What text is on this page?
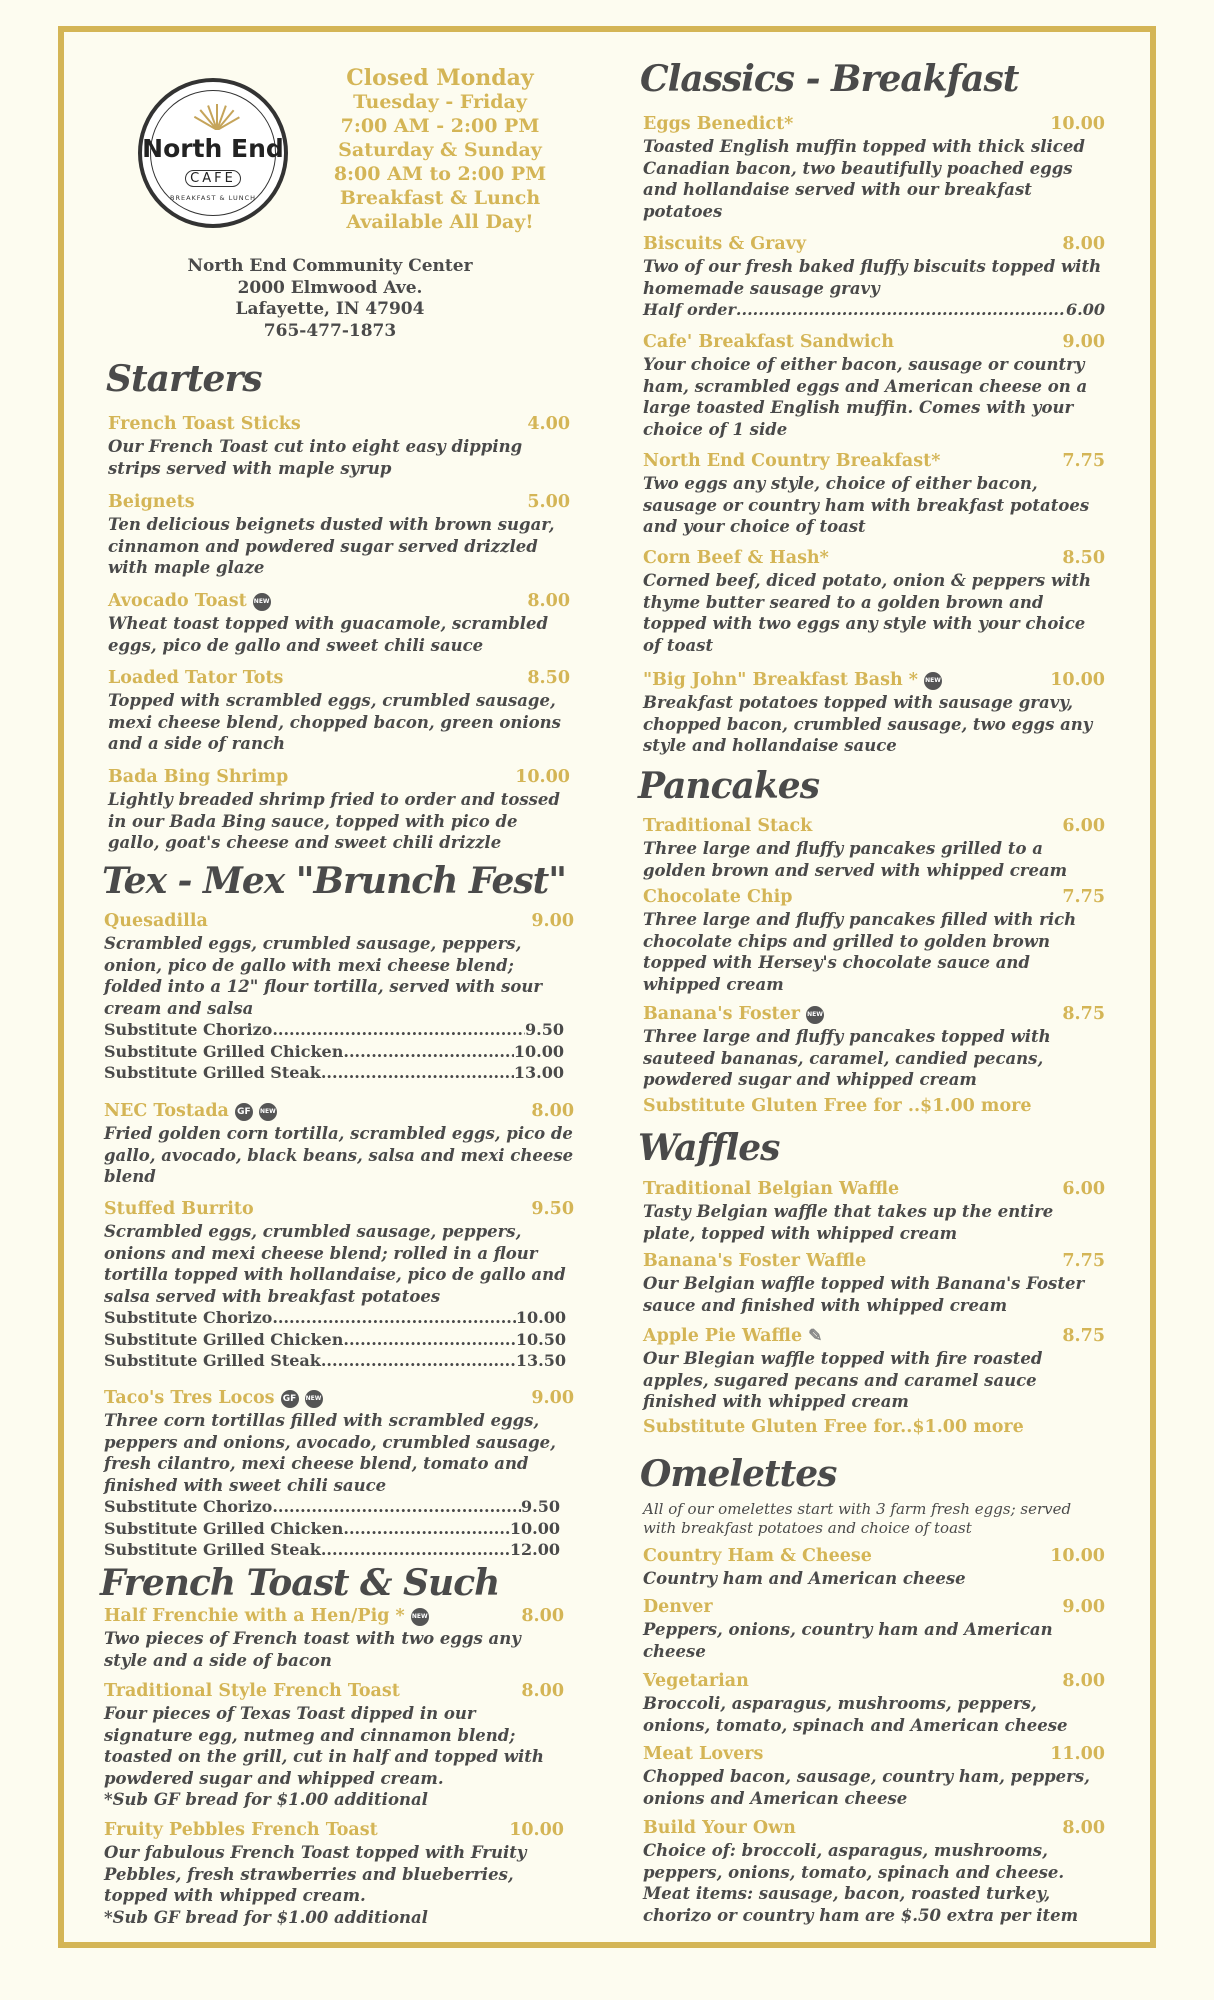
North End
CAFE
BREAKFAST & LUNCH
Closed Monday
Tuesday - Friday
7:00 AM - 2:00 PM
Saturday & Sunday
8:00 AM to 2:00 PM
Breakfast & Lunch
Available All Day!
North End Community Center
2000 Elmwood Ave.
Lafayette, IN 47904
765-477-1873
Starters
French Toast Sticks	4.00
Our French Toast cut into eight easy dipping strips served with maple syrup
Beignets	5.00
Ten delicious beignets dusted with brown sugar, cinnamon and powdered sugar served drizzled with maple glaze
Avocado Toast NEW	8.00
Wheat toast topped with guacamole, scrambled eggs, pico de gallo and sweet chili sauce
Loaded Tator Tots	8.50
Topped with scrambled eggs, crumbled sausage, mexi cheese blend, chopped bacon, green onions and a side of ranch
Bada Bing Shrimp	10.00
Lightly breaded shrimp fried to order and tossed in our Bada Bing sauce, topped with pico de gallo, goat's cheese and sweet chili drizzle
Tex - Mex "Brunch Fest"
Quesadilla	9.00
Scrambled eggs, crumbled sausage, peppers, onion, pico de gallo with mexi cheese blend; folded into a 12" flour tortilla, served with sour cream and salsa
Substitute Chorizo .....	9.50
Substitute Grilled Chicken .....	10.00
Substitute Grilled Steak .....	13.00
NEC Tostada GF	NEW	8.00
Fried golden corn tortilla, scrambled eggs, pico de gallo, avocado, black beans, salsa and mexi cheese blend
Stuffed Burrito	9.50
Scrambled eggs, crumbled sausage, peppers, onions and mexi cheese blend; rolled in a flour tortilla topped with hollandaise, pico de gallo and salsa served with breakfast potatoes
Substitute Chorizo .....	10.00
Substitute Grilled Chicken .....	10.50
Substitute Grilled Steak .....	13.50
Taco's Tres Locos GF	NEW	9.00
Three corn tortillas filled with scrambled eggs, peppers and onions, avocado, crumbled sausage, fresh cilantro, mexi cheese blend, tomato and finished with sweet chili sauce
Substitute Chorizo .....	9.50
Substitute Grilled Chicken .....	10.00
Substitute Grilled Steak .....	12.00
French Toast & Such
Half Frenchie with a Hen/Pig * NEW	8.00
Two pieces of French toast with two eggs any style and a side of bacon
Traditional Style French Toast	8.00
Four pieces of Texas Toast dipped in our signature egg, nutmeg and cinnamon blend; toasted on the grill, cut in half and topped with powdered sugar and whipped cream.
*Sub GF bread for $1.00 additional
Fruity Pebbles French Toast	10.00
Our fabulous French Toast topped with Fruity Pebbles, fresh strawberries and blueberries, topped with whipped cream.
*Sub GF bread for $1.00 additional
Classics - Breakfast
Eggs Benedict*	10.00
Toasted English muffin topped with thick sliced Canadian bacon, two beautifully poached eggs and hollandaise served with our breakfast potatoes
Biscuits & Gravy	8.00
Two of our fresh baked fluffy biscuits topped with homemade sausage gravy
Half order .....	6.00
Cafe' Breakfast Sandwich	9.00
Your choice of either bacon, sausage or country ham, scrambled eggs and American cheese on a large toasted English muffin. Comes with your choice of 1 side
North End Country Breakfast*	7.75
Two eggs any style, choice of either bacon, sausage or country ham with breakfast potatoes and your choice of toast
Corn Beef & Hash*	8.50
Corned beef, diced potato, onion & peppers with thyme butter seared to a golden brown and topped with two eggs any style with your choice of toast
"Big John" Breakfast Bash * NEW	10.00
Breakfast potatoes topped with sausage gravy, chopped bacon, crumbled sausage, two eggs any style and hollandaise sauce
Pancakes
Traditional Stack	6.00
Three large and fluffy pancakes grilled to a golden brown and served with whipped cream
Chocolate Chip	7.75
Three large and fluffy pancakes filled with rich chocolate chips and grilled to golden brown topped with Hersey's chocolate sauce and whipped cream
Banana's Foster NEW	8.75
Three large and fluffy pancakes topped with sauteed bananas, caramel, candied pecans, powdered sugar and whipped cream
Substitute Gluten Free for ..$1.00 more
Waffles
Traditional Belgian Waffle	6.00
Tasty Belgian waffle that takes up the entire plate, topped with whipped cream
Banana's Foster Waffle	7.75
Our Belgian waffle topped with Banana's Foster sauce and finished with whipped cream
Apple Pie Waffle ✎	8.75
Our Blegian waffle topped with fire roasted apples, sugared pecans and caramel sauce finished with whipped cream
Substitute Gluten Free for..$1.00 more
Omelettes
All of our omelettes start with 3 farm fresh eggs; served with breakfast potatoes and choice of toast
Country Ham & Cheese	10.00
Country ham and American cheese
Denver	9.00
Peppers, onions, country ham and American cheese
Vegetarian	8.00
Broccoli, asparagus, mushrooms, peppers, onions, tomato, spinach and American cheese
Meat Lovers	11.00
Chopped bacon, sausage, country ham, peppers, onions and American cheese
Build Your Own	8.00
Choice of: broccoli, asparagus, mushrooms, peppers, onions, tomato, spinach and cheese. Meat items: sausage, bacon, roasted turkey, chorizo or country ham are $.50 extra per item
